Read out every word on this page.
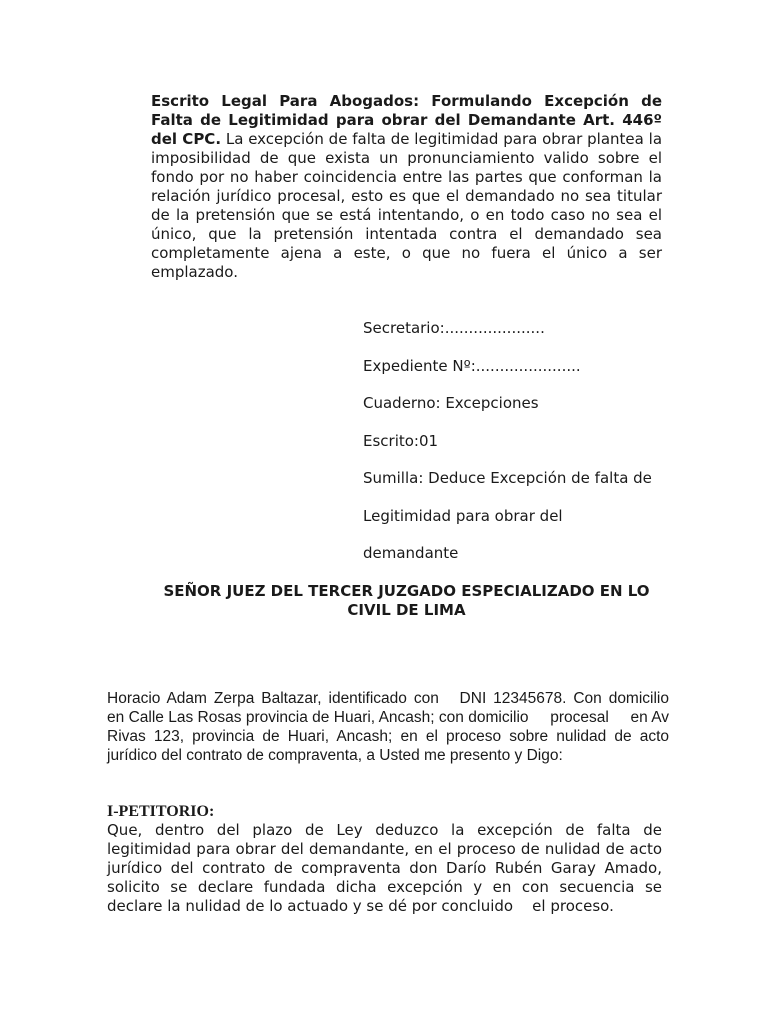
Escrito Legal Para Abogados: Formulando Excepción de Falta de Legitimidad para obrar del Demandante Art. 446º del CPC. La excepción de falta de legitimidad para obrar plantea la imposibilidad de que exista un pronunciamiento valido sobre el fondo por no haber coincidencia entre las partes que conforman la relación jurídico procesal, esto es que el demandado no sea titular de la pretensión que se está intentando, o en todo caso no sea el único, que la pretensión intentada contra el demandado sea completamente ajena a este, o que no fuera el único a ser emplazado.

Secretario:.....................
Expediente Nº:......................
Cuaderno: Excepciones
Escrito:01
Sumilla: Deduce Excepción de falta de
Legitimidad para obrar del
demandante
SEÑOR JUEZ DEL TERCER JUZGADO ESPECIALIZADO EN LO
CIVIL DE LIMA

Horacio Adam Zerpa Baltazar, identificado con   DNI 12345678. Con domicilio        en Calle Las Rosas provincia de Huari, Ancash; con domicilio     procesal     en Av Rivas 123, provincia de Huari, Ancash; en el proceso sobre nulidad de acto jurídico del contrato de compraventa, a Usted me presento y Digo:

I-PETITORIO:

Que, dentro del plazo de Ley deduzco la excepción de falta de legitimidad para obrar del demandante, en el proceso de nulidad de acto jurídico del contrato de compraventa don Darío Rubén Garay Amado, solicito se declare fundada dicha excepción y en con secuencia se declare la nulidad de lo actuado y se dé por concluido    el proceso.
